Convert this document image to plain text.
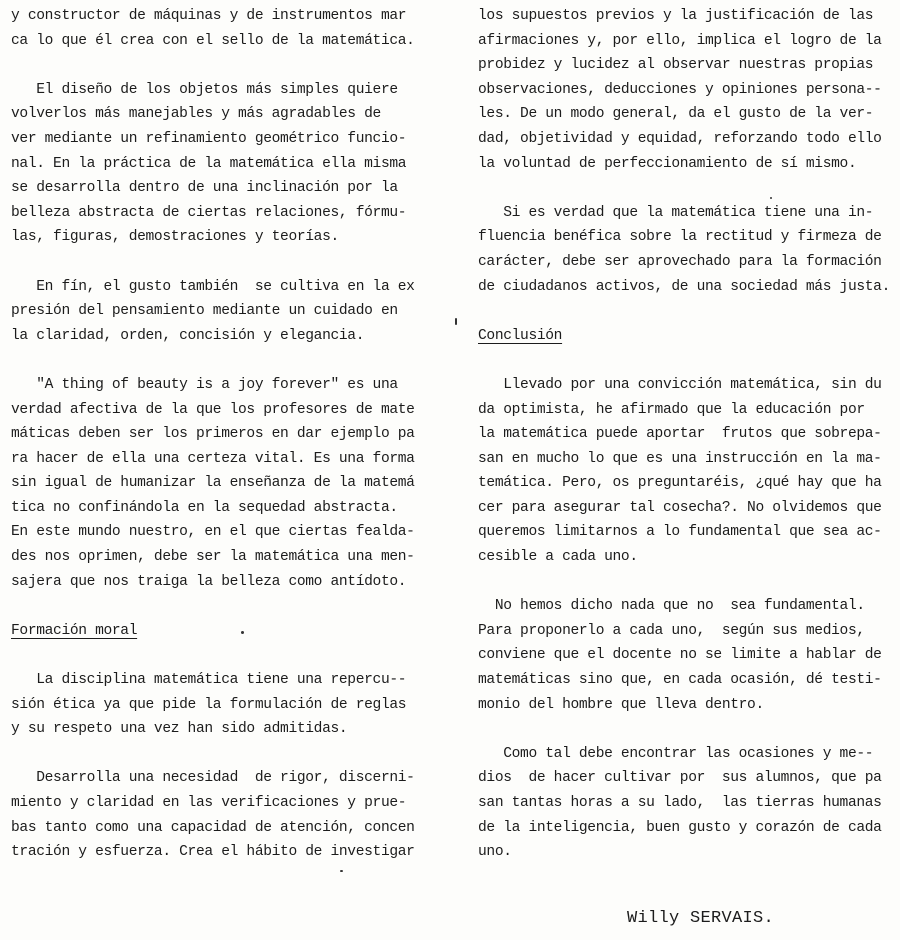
y constructor de máquinas y de instrumentos mar
ca lo que él crea con el sello de la matemática.
El diseño de los objetos más simples quiere
volverlos más manejables y más agradables de
ver mediante un refinamiento geométrico funcio-
nal. En la práctica de la matemática ella misma
se desarrolla dentro de una inclinación por la
belleza abstracta de ciertas relaciones, fórmu-
las, figuras, demostraciones y teorías.
En fín, el gusto también  se cultiva en la ex
presión del pensamiento mediante un cuidado en
la claridad, orden, concisión y elegancia.
"A thing of beauty is a joy forever" es una
verdad afectiva de la que los profesores de mate
máticas deben ser los primeros en dar ejemplo pa
ra hacer de ella una certeza vital. Es una forma
sin igual de humanizar la enseñanza de la matemá
tica no confinándola en la sequedad abstracta.
En este mundo nuestro, en el que ciertas fealda-
des nos oprimen, debe ser la matemática una men-
sajera que nos traiga la belleza como antídoto.
Formación moral
La disciplina matemática tiene una repercu--
sión ética ya que pide la formulación de reglas
y su respeto una vez han sido admitidas.
Desarrolla una necesidad  de rigor, discerni-
miento y claridad en las verificaciones y prue-
bas tanto como una capacidad de atención, concen
tración y esfuerza. Crea el hábito de investigar
los supuestos previos y la justificación de las
afirmaciones y, por ello, implica el logro de la
probidez y lucidez al observar nuestras propias
observaciones, deducciones y opiniones persona--
les. De un modo general, da el gusto de la ver-
dad, objetividad y equidad, reforzando todo ello
la voluntad de perfeccionamiento de sí mismo.
Si es verdad que la matemática tiene una in-
fluencia benéfica sobre la rectitud y firmeza de
carácter, debe ser aprovechado para la formación
de ciudadanos activos, de una sociedad más justa.
Conclusión
Llevado por una convicción matemática, sin du
da optimista, he afirmado que la educación por
la matemática puede aportar  frutos que sobrepa-
san en mucho lo que es una instrucción en la ma-
temática. Pero, os preguntaréis, ¿qué hay que ha
cer para asegurar tal cosecha?. No olvidemos que
queremos limitarnos a lo fundamental que sea ac-
cesible a cada uno.
No hemos dicho nada que no  sea fundamental.
Para proponerlo a cada uno,  según sus medios,
conviene que el docente no se limite a hablar de
matemáticas sino que, en cada ocasión, dé testi-
monio del hombre que lleva dentro.
Como tal debe encontrar las ocasiones y me--
dios  de hacer cultivar por  sus alumnos, que pa
san tantas horas a su lado,  las tierras humanas
de la inteligencia, buen gusto y corazón de cada
uno.
Willy SERVAIS.
